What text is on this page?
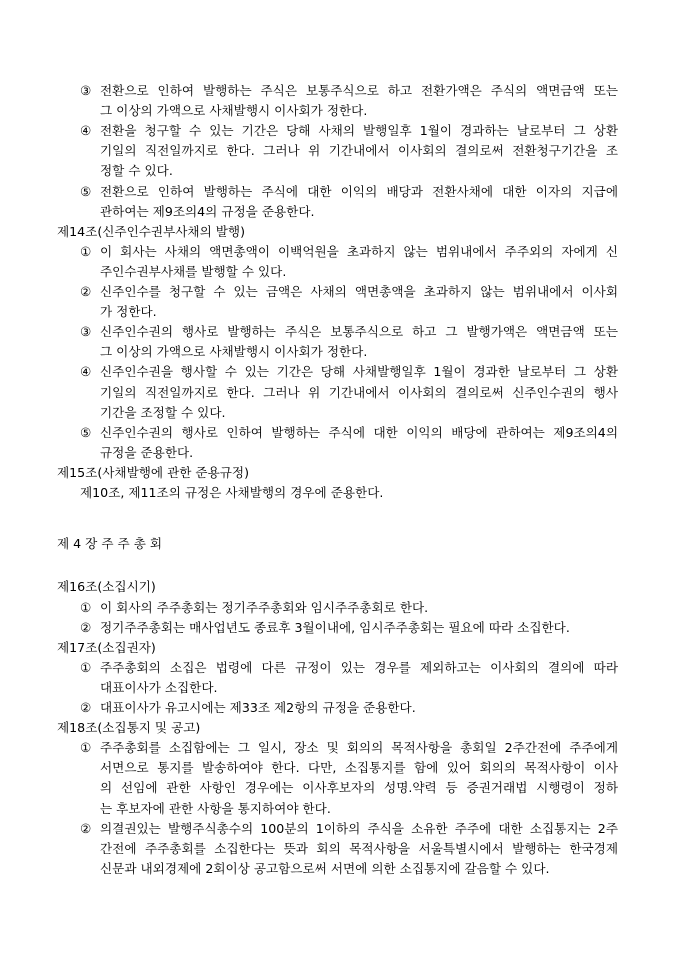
③ 전환으로 인하여 발행하는 주식은 보통주식으로 하고 전환가액은 주식의 액면금액 또는
그 이상의 가액으로 사채발행시 이사회가 정한다.
④ 전환을 청구할 수 있는 기간은 당해 사채의 발행일후 1월이 경과하는 날로부터 그 상환
기일의 직전일까지로 한다. 그러나 위 기간내에서 이사회의 결의로써 전환청구기간을 조
정할 수 있다.
⑤ 전환으로 인하여 발행하는 주식에 대한 이익의 배당과 전환사채에 대한 이자의 지급에
관하여는 제9조의4의 규정을 준용한다.
제14조(신주인수권부사채의 발행)
① 이 회사는 사채의 액면총액이 이백억원을 초과하지 않는 범위내에서 주주외의 자에게 신
주인수권부사채를 발행할 수 있다.
② 신주인수를 청구할 수 있는 금액은 사채의 액면총액을 초과하지 않는 범위내에서 이사회
가 정한다.
③ 신주인수권의 행사로 발행하는 주식은 보통주식으로 하고 그 발행가액은 액면금액 또는
그 이상의 가액으로 사채발행시 이사회가 정한다.
④ 신주인수권을 행사할 수 있는 기간은 당해 사채발행일후 1월이 경과한 날로부터 그 상환
기일의 직전일까지로 한다. 그러나 위 기간내에서 이사회의 결의로써 신주인수권의 행사
기간을 조정할 수 있다.
⑤ 신주인수권의 행사로 인하여 발행하는 주식에 대한 이익의 배당에 관하여는 제9조의4의
규정을 준용한다.
제15조(사채발행에 관한 준용규정)
제10조, 제11조의 규정은 사채발행의 경우에 준용한다.
제 4 장 주 주 총 회
제16조(소집시기)
① 이 회사의 주주총회는 정기주주총회와 임시주주총회로 한다.
② 정기주주총회는 매사업년도 종료후 3월이내에, 임시주주총회는 필요에 따라 소집한다.
제17조(소집권자)
① 주주총회의 소집은 법령에 다른 규정이 있는 경우를 제외하고는 이사회의 결의에 따라
대표이사가 소집한다.
② 대표이사가 유고시에는 제33조 제2항의 규정을 준용한다.
제18조(소집통지 및 공고)
① 주주총회를 소집함에는 그 일시, 장소 및 회의의 목적사항을 총회일 2주간전에 주주에게
서면으로 통지를 발송하여야 한다. 다만, 소집통지를 함에 있어 회의의 목적사항이 이사
의 선임에 관한 사항인 경우에는 이사후보자의 성명.약력 등 증권거래법 시행령이 정하
는 후보자에 관한 사항을 통지하여야 한다.
② 의결권있는 발행주식총수의 100분의 1이하의 주식을 소유한 주주에 대한 소집통지는 2주
간전에 주주총회를 소집한다는 뜻과 회의 목적사항을 서울특별시에서 발행하는 한국경제
신문과 내외경제에 2회이상 공고함으로써 서면에 의한 소집통지에 갈음할 수 있다.
